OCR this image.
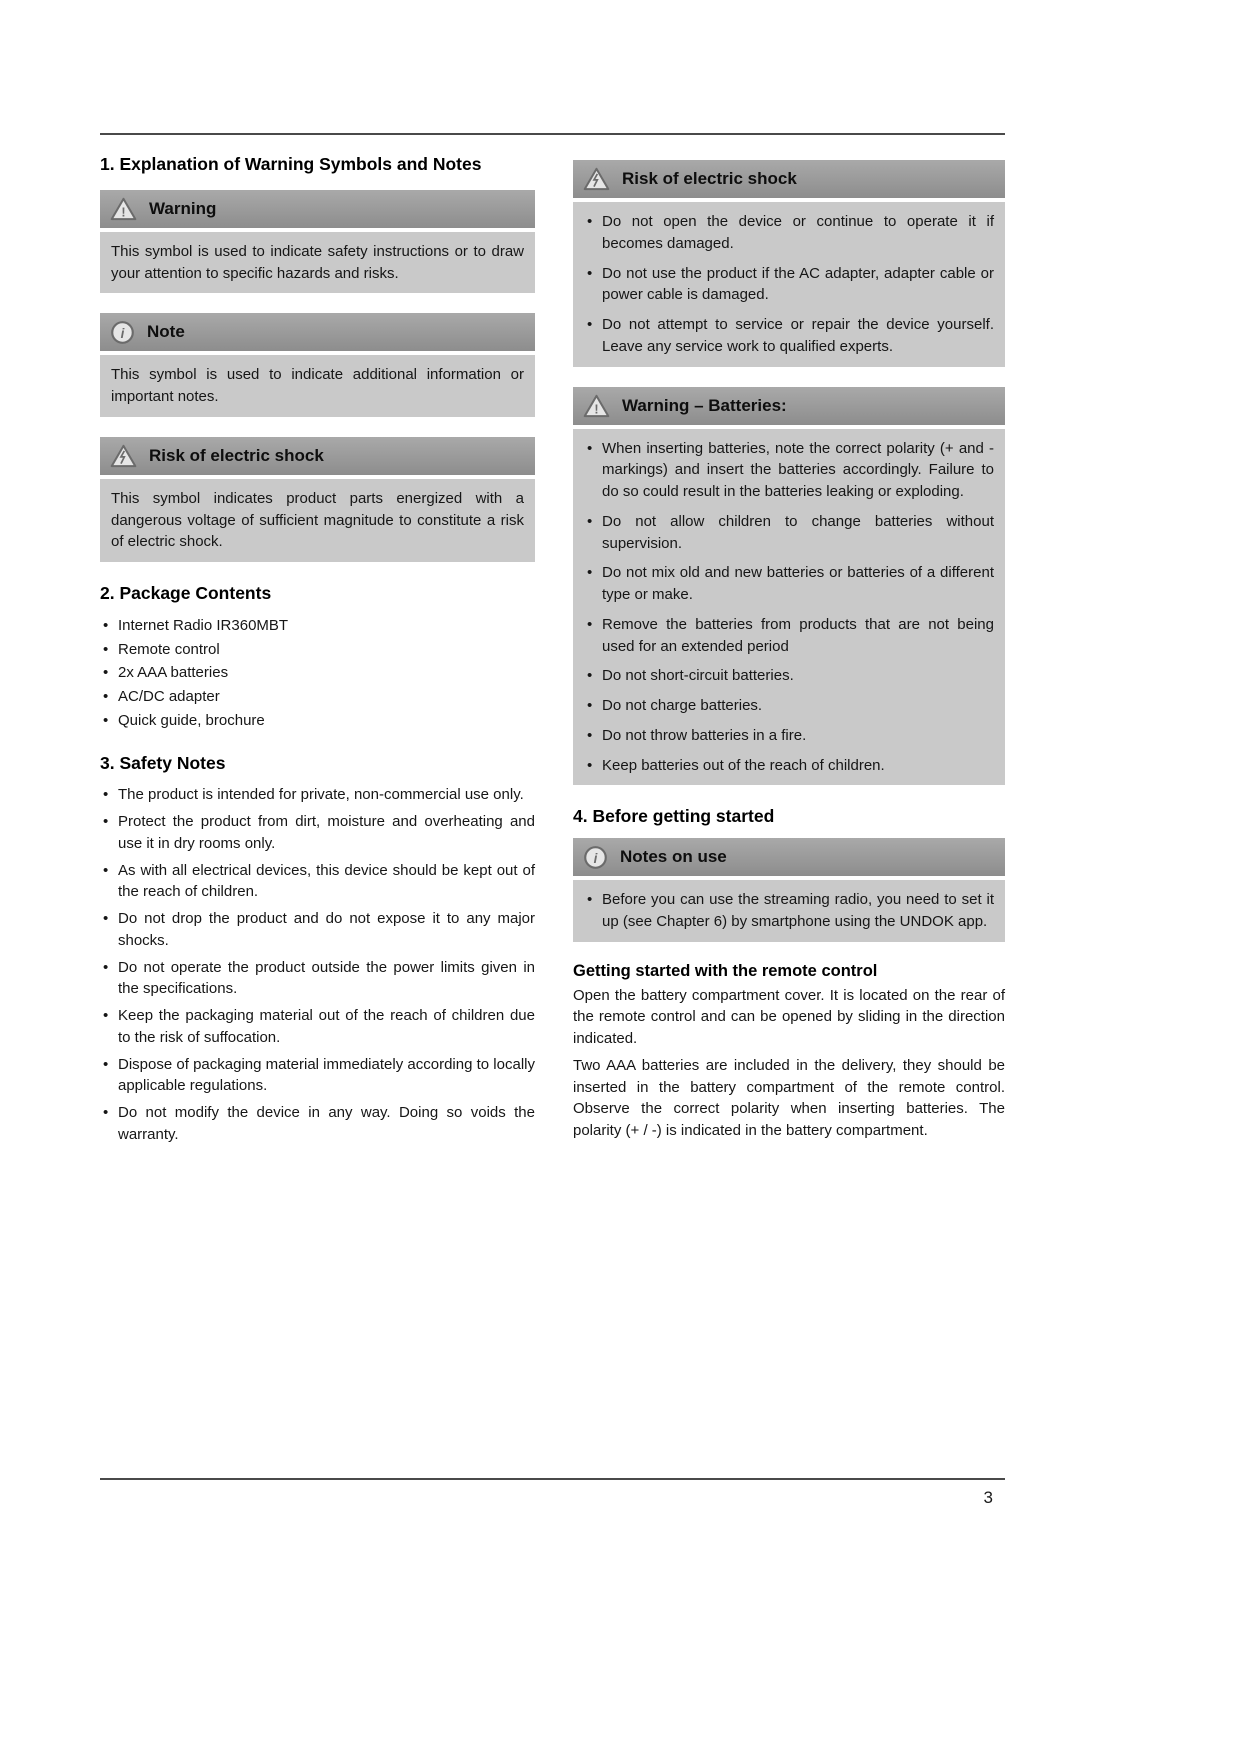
1. Explanation of Warning Symbols and Notes
! Warning
This symbol is used to indicate safety instructions or to draw your attention to specific hazards and risks.
i Note
This symbol is used to indicate additional information or important notes.
Risk of electric shock
This symbol indicates product parts energized with a dangerous voltage of sufficient magnitude to constitute a risk of electric shock.
2. Package Contents
• Internet Radio IR360MBT
• Remote control
• 2x AAA batteries
• AC/DC adapter
• Quick guide, brochure
3. Safety Notes
• The product is intended for private, non-commercial use only.
• Protect the product from dirt, moisture and overheating and use it in dry rooms only.
• As with all electrical devices, this device should be kept out of the reach of children.
• Do not drop the product and do not expose it to any major shocks.
• Do not operate the product outside the power limits given in the specifications.
• Keep the packaging material out of the reach of children due to the risk of suffocation.
• Dispose of packaging material immediately according to locally applicable regulations.
• Do not modify the device in any way. Doing so voids the warranty.
Risk of electric shock
• Do not open the device or continue to operate it if becomes damaged.
• Do not use the product if the AC adapter, adapter cable or power cable is damaged.
• Do not attempt to service or repair the device yourself. Leave any service work to qualified experts.
! Warning – Batteries:
• When inserting batteries, note the correct polarity (+ and - markings) and insert the batteries accordingly. Failure to do so could result in the batteries leaking or exploding.
• Do not allow children to change batteries without supervision.
• Do not mix old and new batteries or batteries of a different type or make.
• Remove the batteries from products that are not being used for an extended period
• Do not short-circuit batteries.
• Do not charge batteries.
• Do not throw batteries in a fire.
• Keep batteries out of the reach of children.
4. Before getting started
i Notes on use
• Before you can use the streaming radio, you need to set it up (see Chapter 6) by smartphone using the UNDOK app.
Getting started with the remote control
Open the battery compartment cover. It is located on the rear of the remote control and can be opened by sliding in the direction indicated.
Two AAA batteries are included in the delivery, they should be inserted in the battery compartment of the remote control. Observe the correct polarity when inserting batteries. The polarity (+ / -) is indicated in the battery compartment.
3
